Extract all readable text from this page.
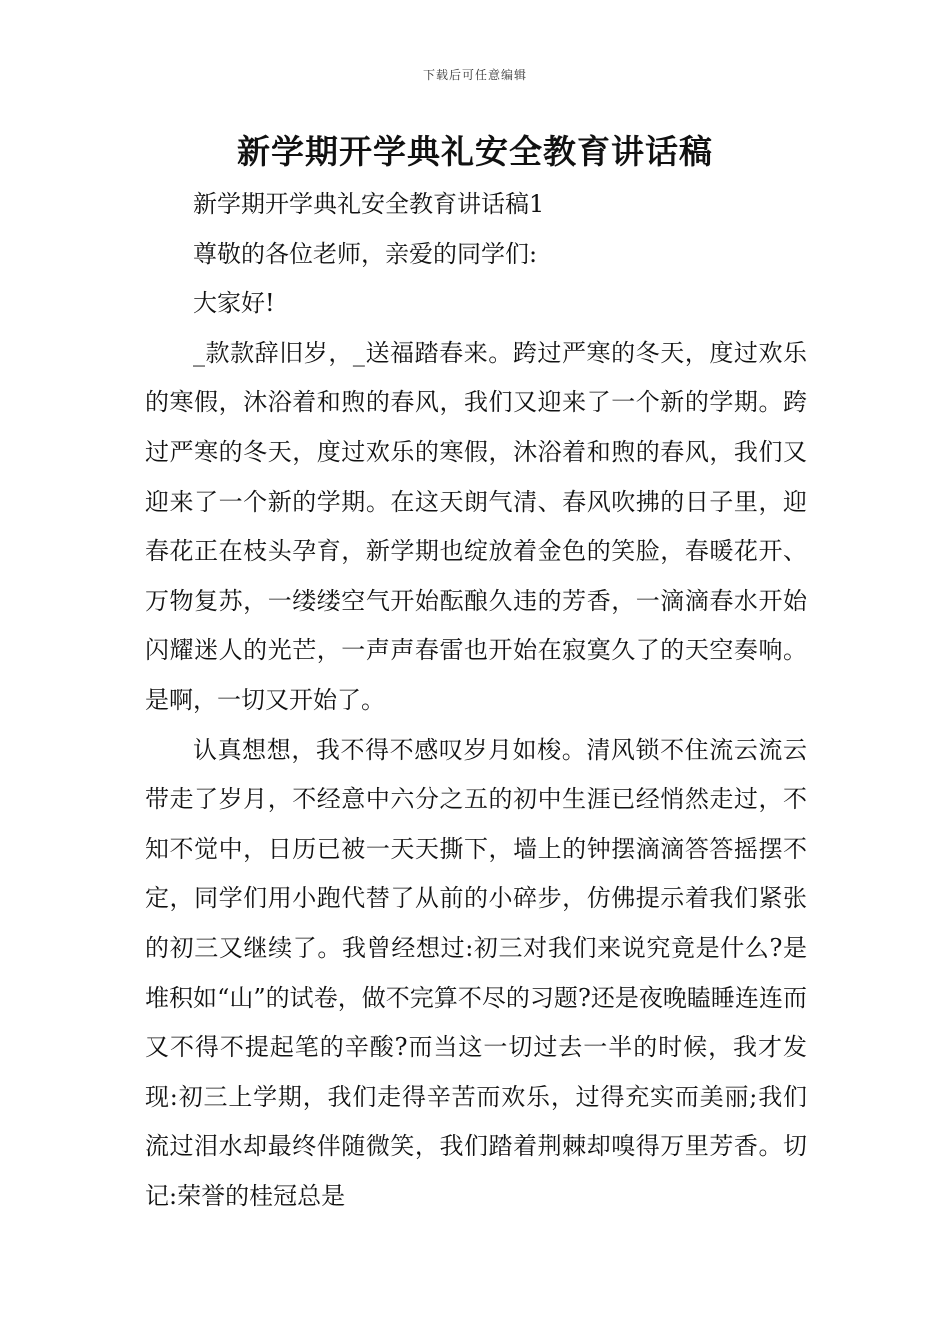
下载后可任意编辑
新学期开学典礼安全教育讲话稿

新学期开学典礼安全教育讲话稿1

尊敬的各位老师，亲爱的同学们:

大家好!

_款款辞旧岁，_送福踏春来。跨过严寒的冬天，度过欢乐的寒假，沐浴着和煦的春风，我们又迎来了一个新的学期。跨过严寒的冬天，度过欢乐的寒假，沐浴着和煦的春风，我们又迎来了一个新的学期。在这天朗气清、春风吹拂的日子里，迎春花正在枝头孕育，新学期也绽放着金色的笑脸，春暖花开、万物复苏，一缕缕空气开始酝酿久违的芳香，一滴滴春水开始闪耀迷人的光芒，一声声春雷也开始在寂寞久了的天空奏响。是啊，一切又开始了。

认真想想，我不得不感叹岁月如梭。清风锁不住流云流云带走了岁月，不经意中六分之五的初中生涯已经悄然走过，不知不觉中，日历已被一天天撕下，墙上的钟摆滴滴答答摇摆不定，同学们用小跑代替了从前的小碎步，仿佛提示着我们紧张的初三又继续了。我曾经想过:初三对我们来说究竟是什么?是堆积如“山”的试卷，做不完算不尽的习题?还是夜晚瞌睡连连而又不得不提起笔的辛酸?而当这一切过去一半的时候，我才发现:初三上学期，我们走得辛苦而欢乐，过得充实而美丽;我们流过泪水却最终伴随微笑，我们踏着荆棘却嗅得万里芳香。切记:荣誉的桂冠总是
